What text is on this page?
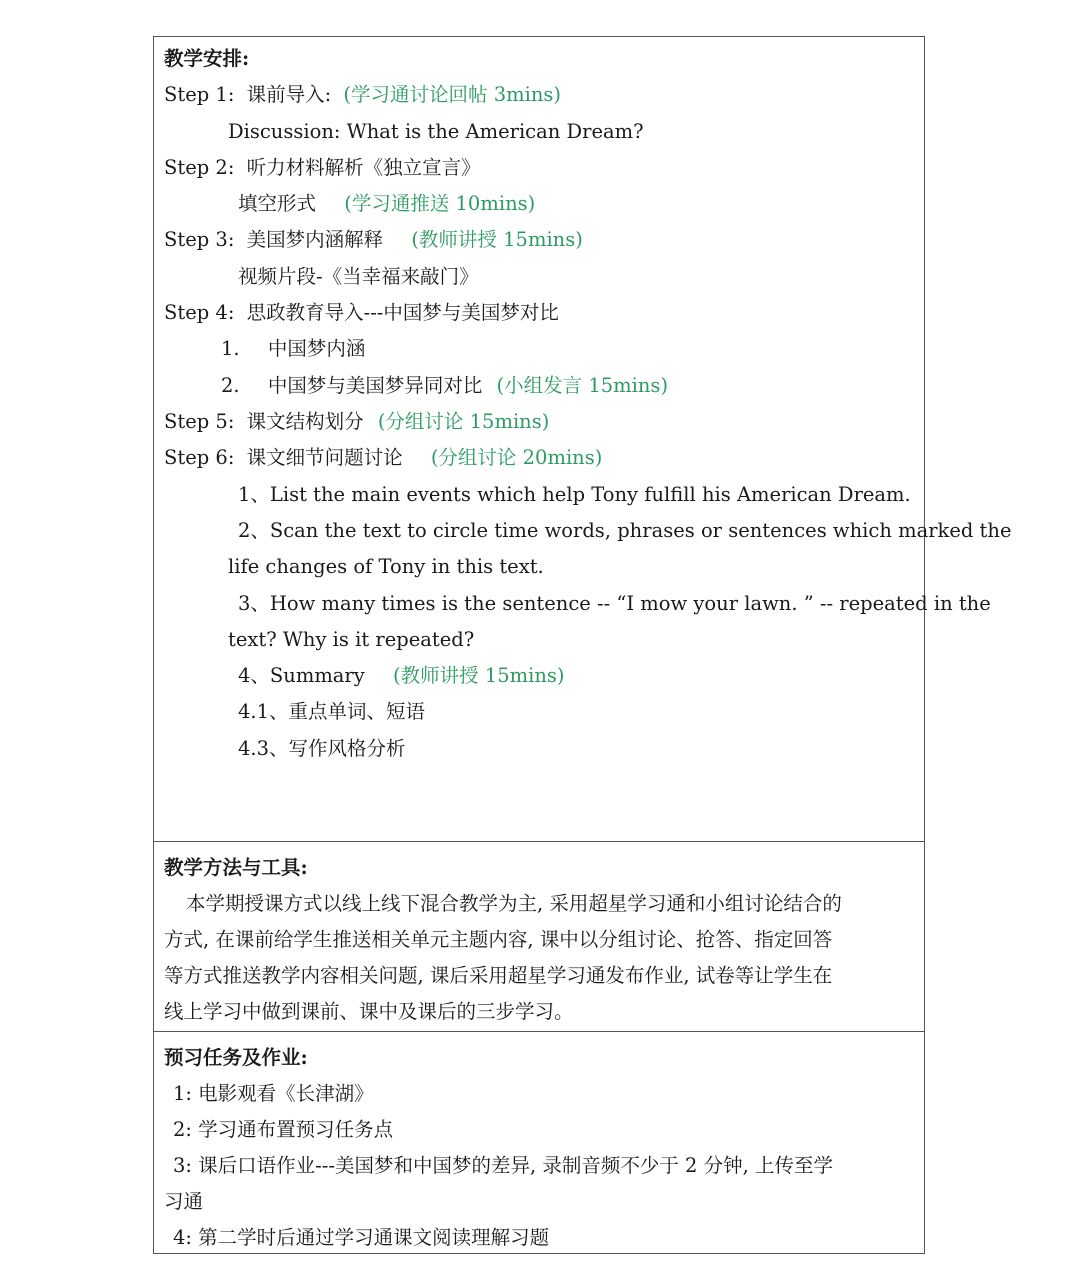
教学安排:
Step 1: 课前导入: (学习通讨论回帖 3mins)
Discussion: What is the American Dream?
Step 2: 听力材料解析《独立宣言》
填空形式 (学习通推送 10mins)
Step 3: 美国梦内涵解释 (教师讲授 15mins)
视频片段-《当幸福来敲门》
Step 4: 思政教育导入---中国梦与美国梦对比
1. 中国梦内涵
2. 中国梦与美国梦异同对比 (小组发言 15mins)
Step 5: 课文结构划分 (分组讨论 15mins)
Step 6: 课文细节问题讨论 (分组讨论 20mins)
1、List the main events which help Tony fulfill his American Dream.
2、Scan the text to circle time words, phrases or sentences which marked the
life changes of Tony in this text.
3、How many times is the sentence -- “I mow your lawn. ” -- repeated in the
text? Why is it repeated?
4、Summary (教师讲授 15mins)
4.1、重点单词、短语
4.3、写作风格分析
教学方法与工具:
本学期授课方式以线上线下混合教学为主, 采用超星学习通和小组讨论结合的
方式, 在课前给学生推送相关单元主题内容, 课中以分组讨论、抢答、指定回答
等方式推送教学内容相关问题, 课后采用超星学习通发布作业, 试卷等让学生在
线上学习中做到课前、课中及课后的三步学习。
预习任务及作业:
1: 电影观看《长津湖》
2: 学习通布置预习任务点
3: 课后口语作业---美国梦和中国梦的差异, 录制音频不少于 2 分钟, 上传至学
习通
4: 第二学时后通过学习通课文阅读理解习题
